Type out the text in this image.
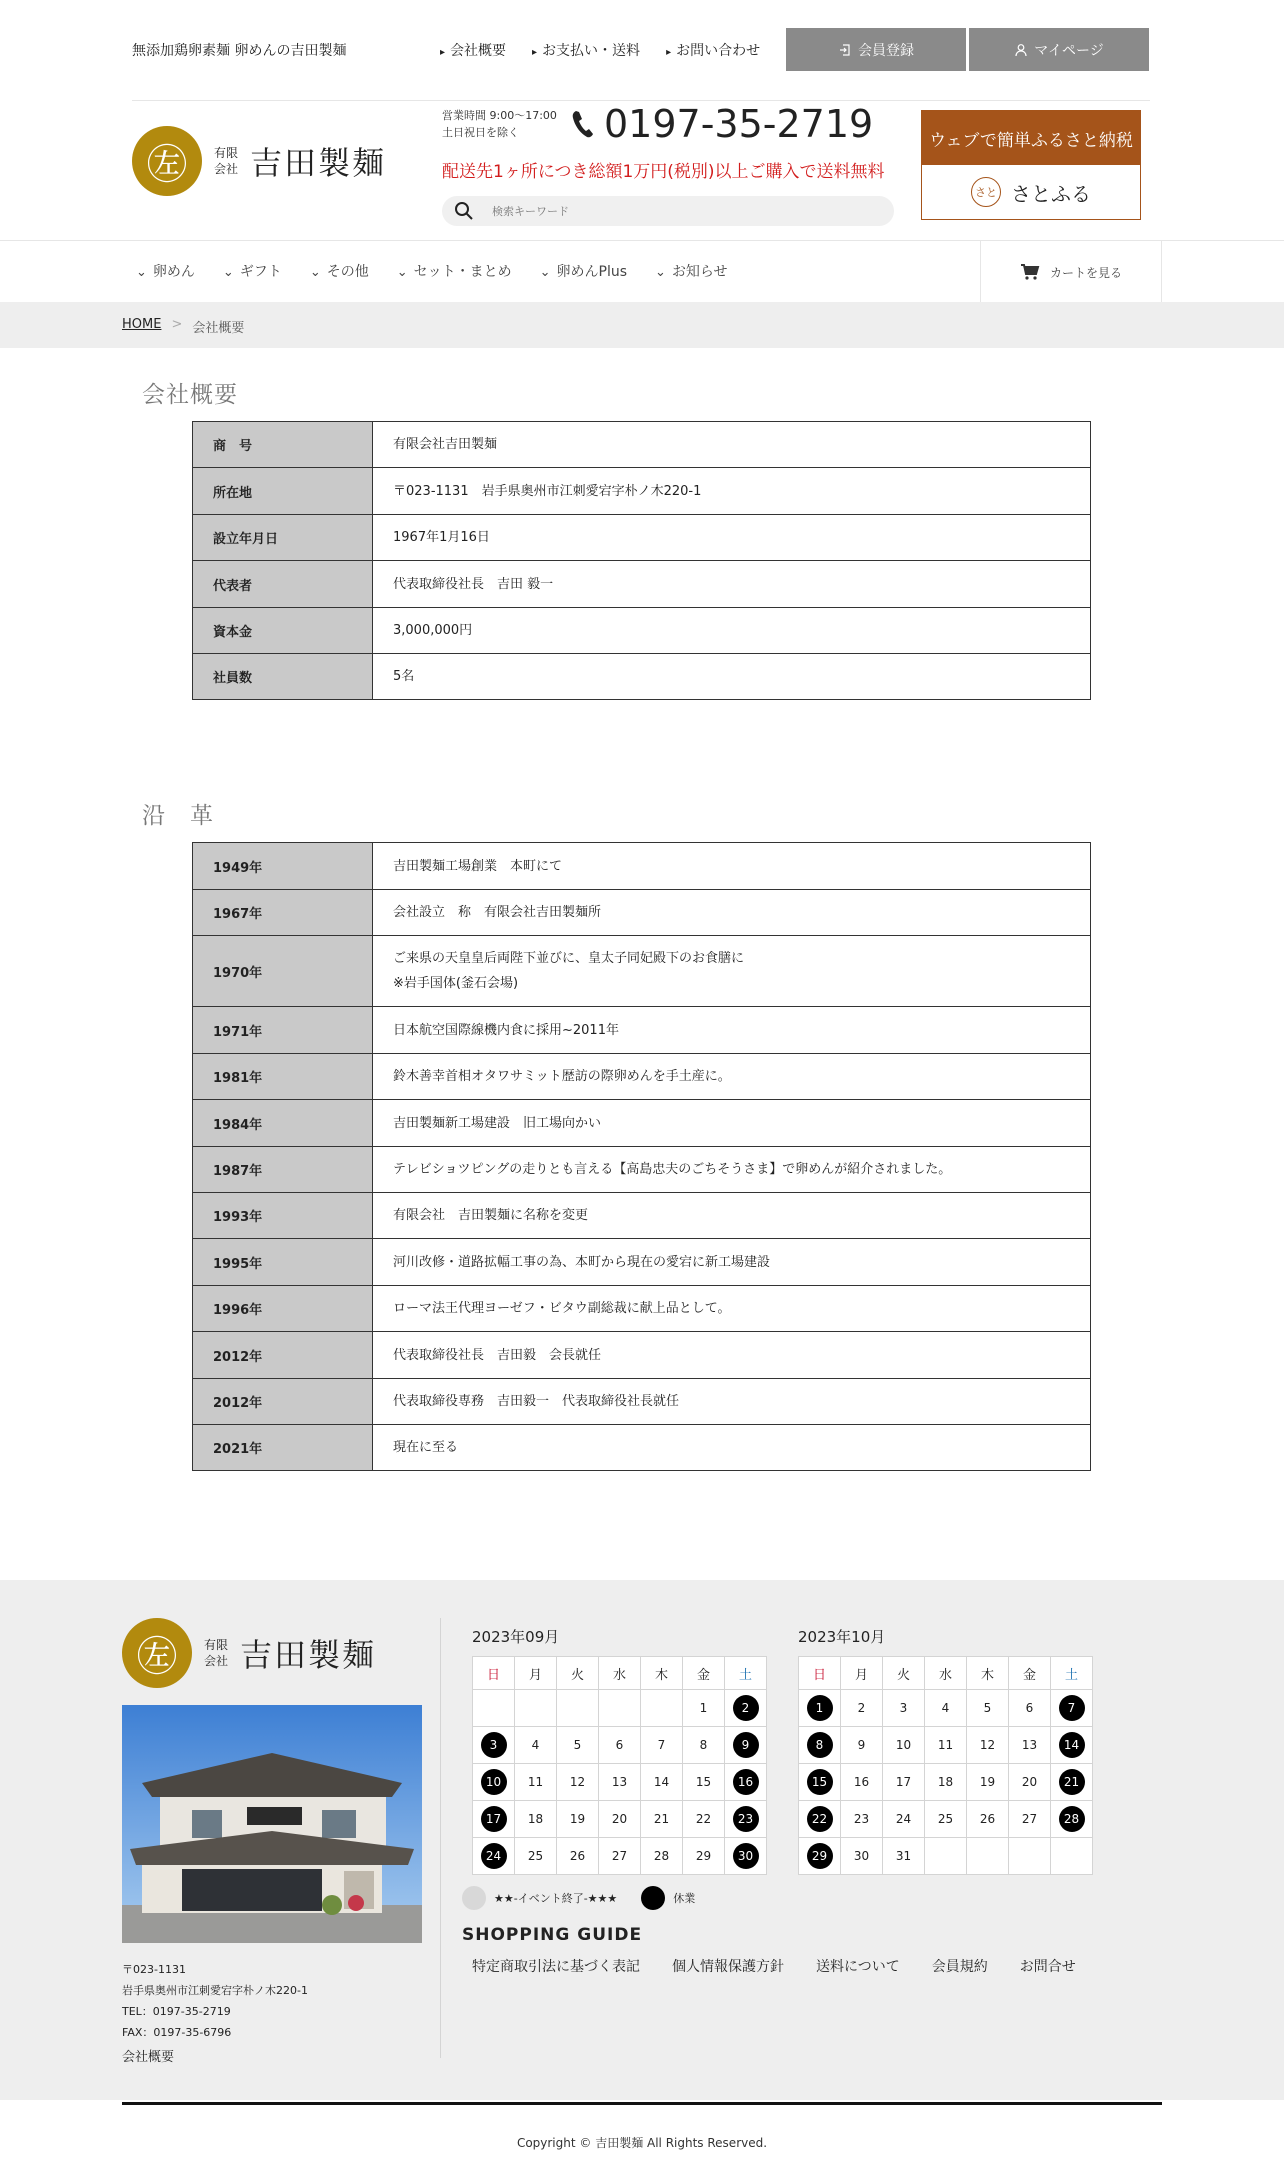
無添加鶏卵素麺 卵めんの吉田製麺	▸ 会社概要	▸ お支払い・送料	▸ お問い合わせ	会員登録	マイページ
㊧	有限
会社 吉田製麺
営業時間 9:00〜17:00
土日祝日を除く	0197-35-2719
配送先1ヶ所につき総額1万円(税別)以上ご購入で送料無料
検索キーワード
ウェブで簡単ふるさと納税
さと さとふる
⌄ 卵めん	⌄ ギフト	⌄ その他	⌄ セット・まとめ	⌄ 卵めんPlus	⌄ お知らせ	カートを見る
HOME > 会社概要
会社概要
商　号	有限会社吉田製麺
所在地	〒023-1131　岩手県奥州市江刺愛宕字朴ノ木220-1
設立年月日	1967年1月16日
代表者	代表取締役社長　吉田 毅一
資本金	3,000,000円
社員数	5名
沿　革
1949年	吉田製麺工場創業　本町にて
1967年	会社設立　称　有限会社吉田製麺所
1970年	ご来県の天皇皇后両陛下並びに、皇太子同妃殿下のお食膳に
※岩手国体(釜石会場)

1971年	日本航空国際線機内食に採用~2011年
1981年	鈴木善幸首相オタワサミット歴訪の際卵めんを手土産に。
1984年	吉田製麺新工場建設　旧工場向かい
1987年	テレビショツピングの走りとも言える【高島忠夫のごちそうさま】で卵めんが紹介されました。
1993年	有限会社　吉田製麺に名称を変更
1995年	河川改修・道路拡幅工事の為、本町から現在の愛宕に新工場建設
1996年	ローマ法王代理ヨーゼフ・ビタウ副総裁に献上品として。
2012年	代表取締役社長　吉田毅　会長就任
2012年	代表取締役専務　吉田毅一　代表取締役社長就任
2021年	現在に至る
㊧	有限
会社 吉田製麺
〒023-1131
岩手県奥州市江刺愛宕字朴ノ木220-1
TEL：0197-35-2719
FAX：0197-35-6796
会社概要
2023年09月
日	月	火	水	木	金	土
					1	2
3	4	5	6	7	8	9
10	11	12	13	14	15	16
17	18	19	20	21	22	23
24	25	26	27	28	29	30
2023年10月
日	月	火	水	木	金	土
1	2	3	4	5	6	7
8	9	10	11	12	13	14
15	16	17	18	19	20	21
22	23	24	25	26	27	28
29	30	31				
★★-イベント終了-★★★	休業
SHOPPING GUIDE
特定商取引法に基づく表記 個人情報保護方針 送料について 会員規約 お問合せ
Copyright © 吉田製麺 All Rights Reserved.
